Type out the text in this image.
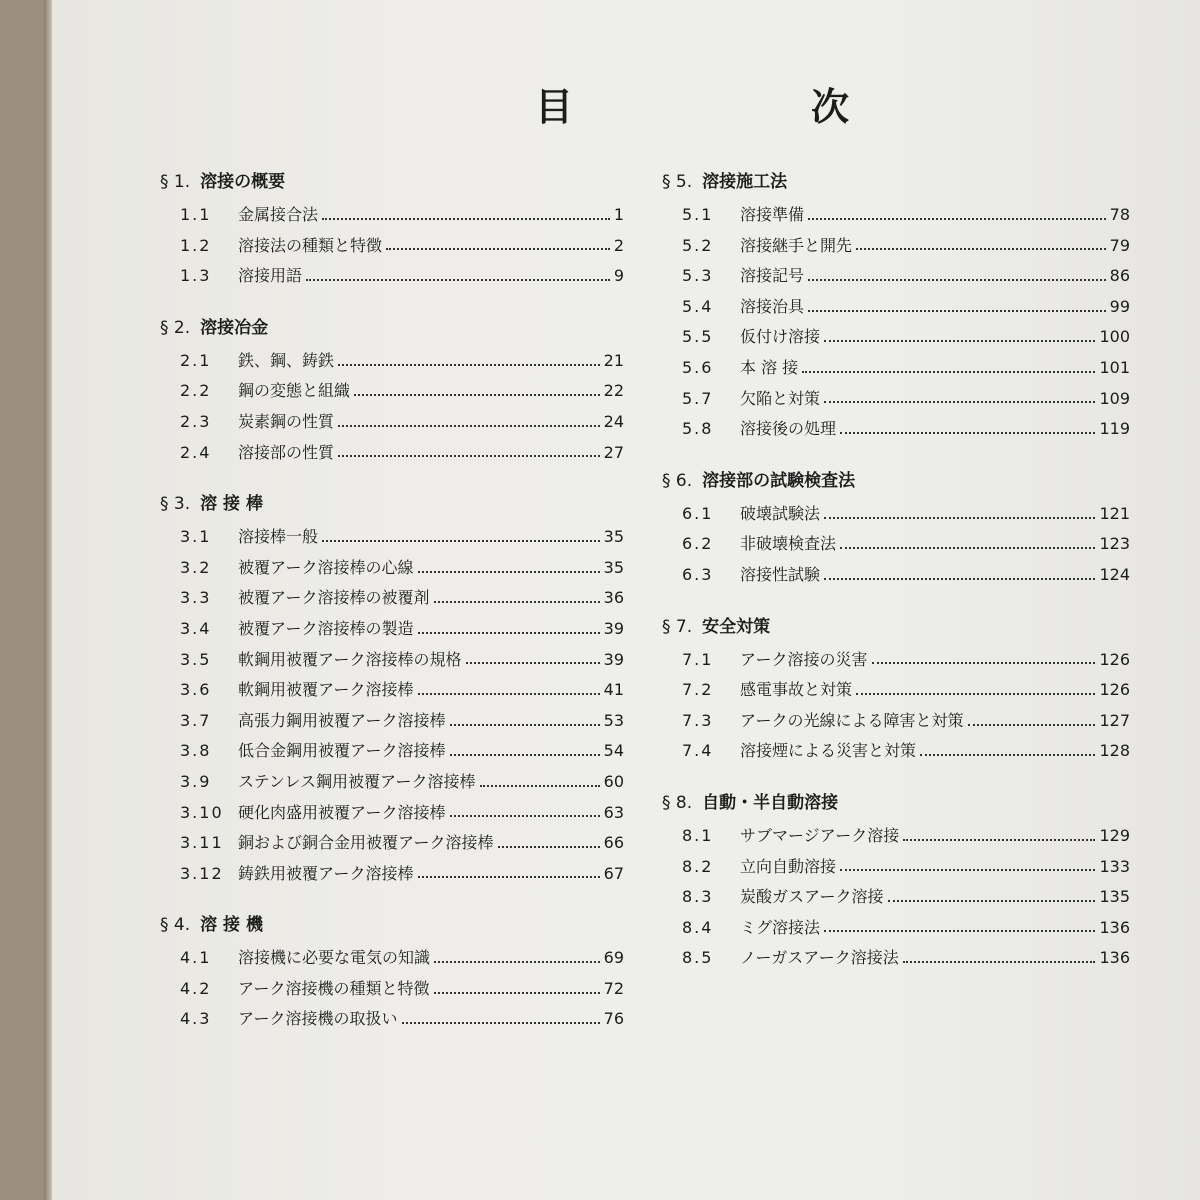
目　次
§ 1. 溶接の概要
1.1	金属接合法	1
1.2	溶接法の種類と特徴	2
1.3	溶接用語	9
§ 2. 溶接冶金
2.1	鉄、鋼、鋳鉄	21
2.2	鋼の変態と組織	22
2.3	炭素鋼の性質	24
2.4	溶接部の性質	27
§ 3. 溶 接 棒
3.1	溶接棒一般	35
3.2	被覆アーク溶接棒の心線	35
3.3	被覆アーク溶接棒の被覆剤	36
3.4	被覆アーク溶接棒の製造	39
3.5	軟鋼用被覆アーク溶接棒の規格	39
3.6	軟鋼用被覆アーク溶接棒	41
3.7	高張力鋼用被覆アーク溶接棒	53
3.8	低合金鋼用被覆アーク溶接棒	54
3.9	ステンレス鋼用被覆アーク溶接棒	60
3.10 硬化肉盛用被覆アーク溶接棒	63
3.11 銅および銅合金用被覆アーク溶接棒	66
3.12 鋳鉄用被覆アーク溶接棒	67
§ 4. 溶 接 機
4.1	溶接機に必要な電気の知識	69
4.2	アーク溶接機の種類と特徴	72
4.3	アーク溶接機の取扱い	76
§ 5. 溶接施工法
5.1	溶接準備	78
5.2	溶接継手と開先	79
5.3	溶接記号	86
5.4	溶接治具	99
5.5	仮付け溶接	100
5.6	本 溶 接	101
5.7	欠陥と対策	109
5.8	溶接後の処理	119
§ 6. 溶接部の試験検査法
6.1	破壊試験法	121
6.2	非破壊検査法	123
6.3	溶接性試験	124
§ 7. 安全対策
7.1	アーク溶接の災害	126
7.2	感電事故と対策	126
7.3	アークの光線による障害と対策	127
7.4	溶接煙による災害と対策	128
§ 8. 自動・半自動溶接
8.1	サブマージアーク溶接	129
8.2	立向自動溶接	133
8.3	炭酸ガスアーク溶接	135
8.4	ミグ溶接法	136
8.5	ノーガスアーク溶接法	136
